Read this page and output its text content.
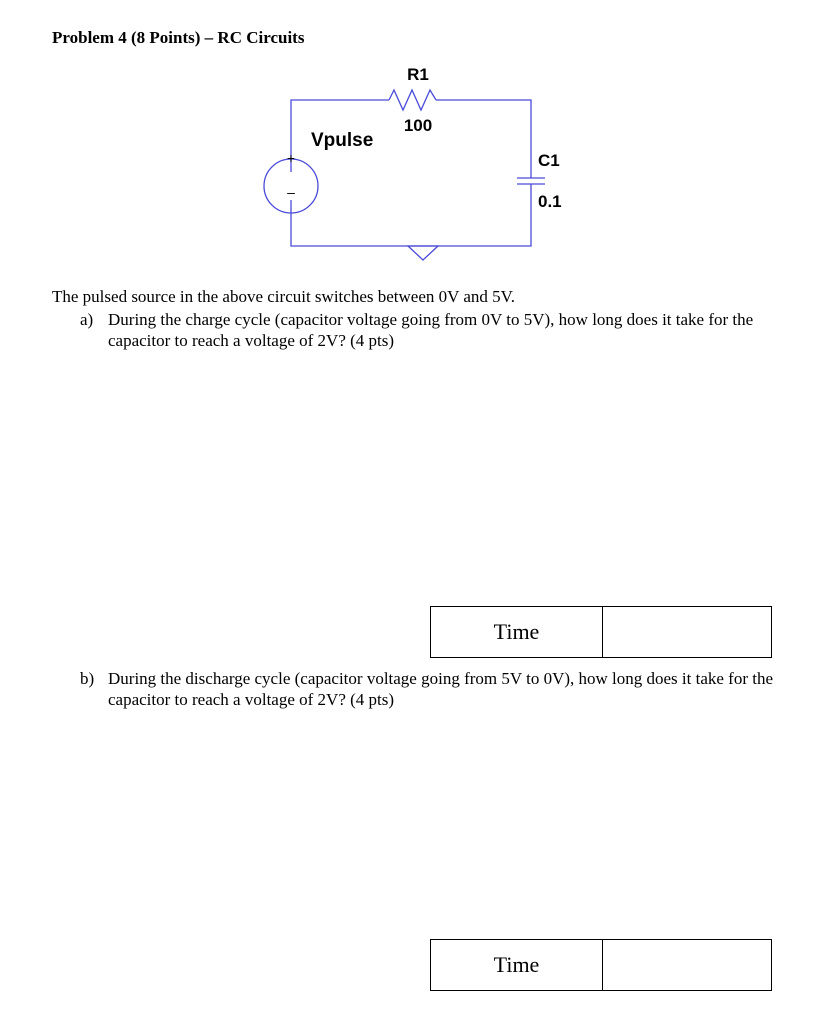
Problem 4 (8 Points) – RC Circuits

+
–
R1
100
Vpulse
C1
0.1

The pulsed source in the above circuit switches between 0V and 5V.

a) During the charge cycle (capacitor voltage going from 0V to 5V), how long does it take for the capacitor to reach a voltage of 2V? (4 pts)
Time
b) During the discharge cycle (capacitor voltage going from 5V to 0V), how long does it take for the capacitor to reach a voltage of 2V? (4 pts)
Time
